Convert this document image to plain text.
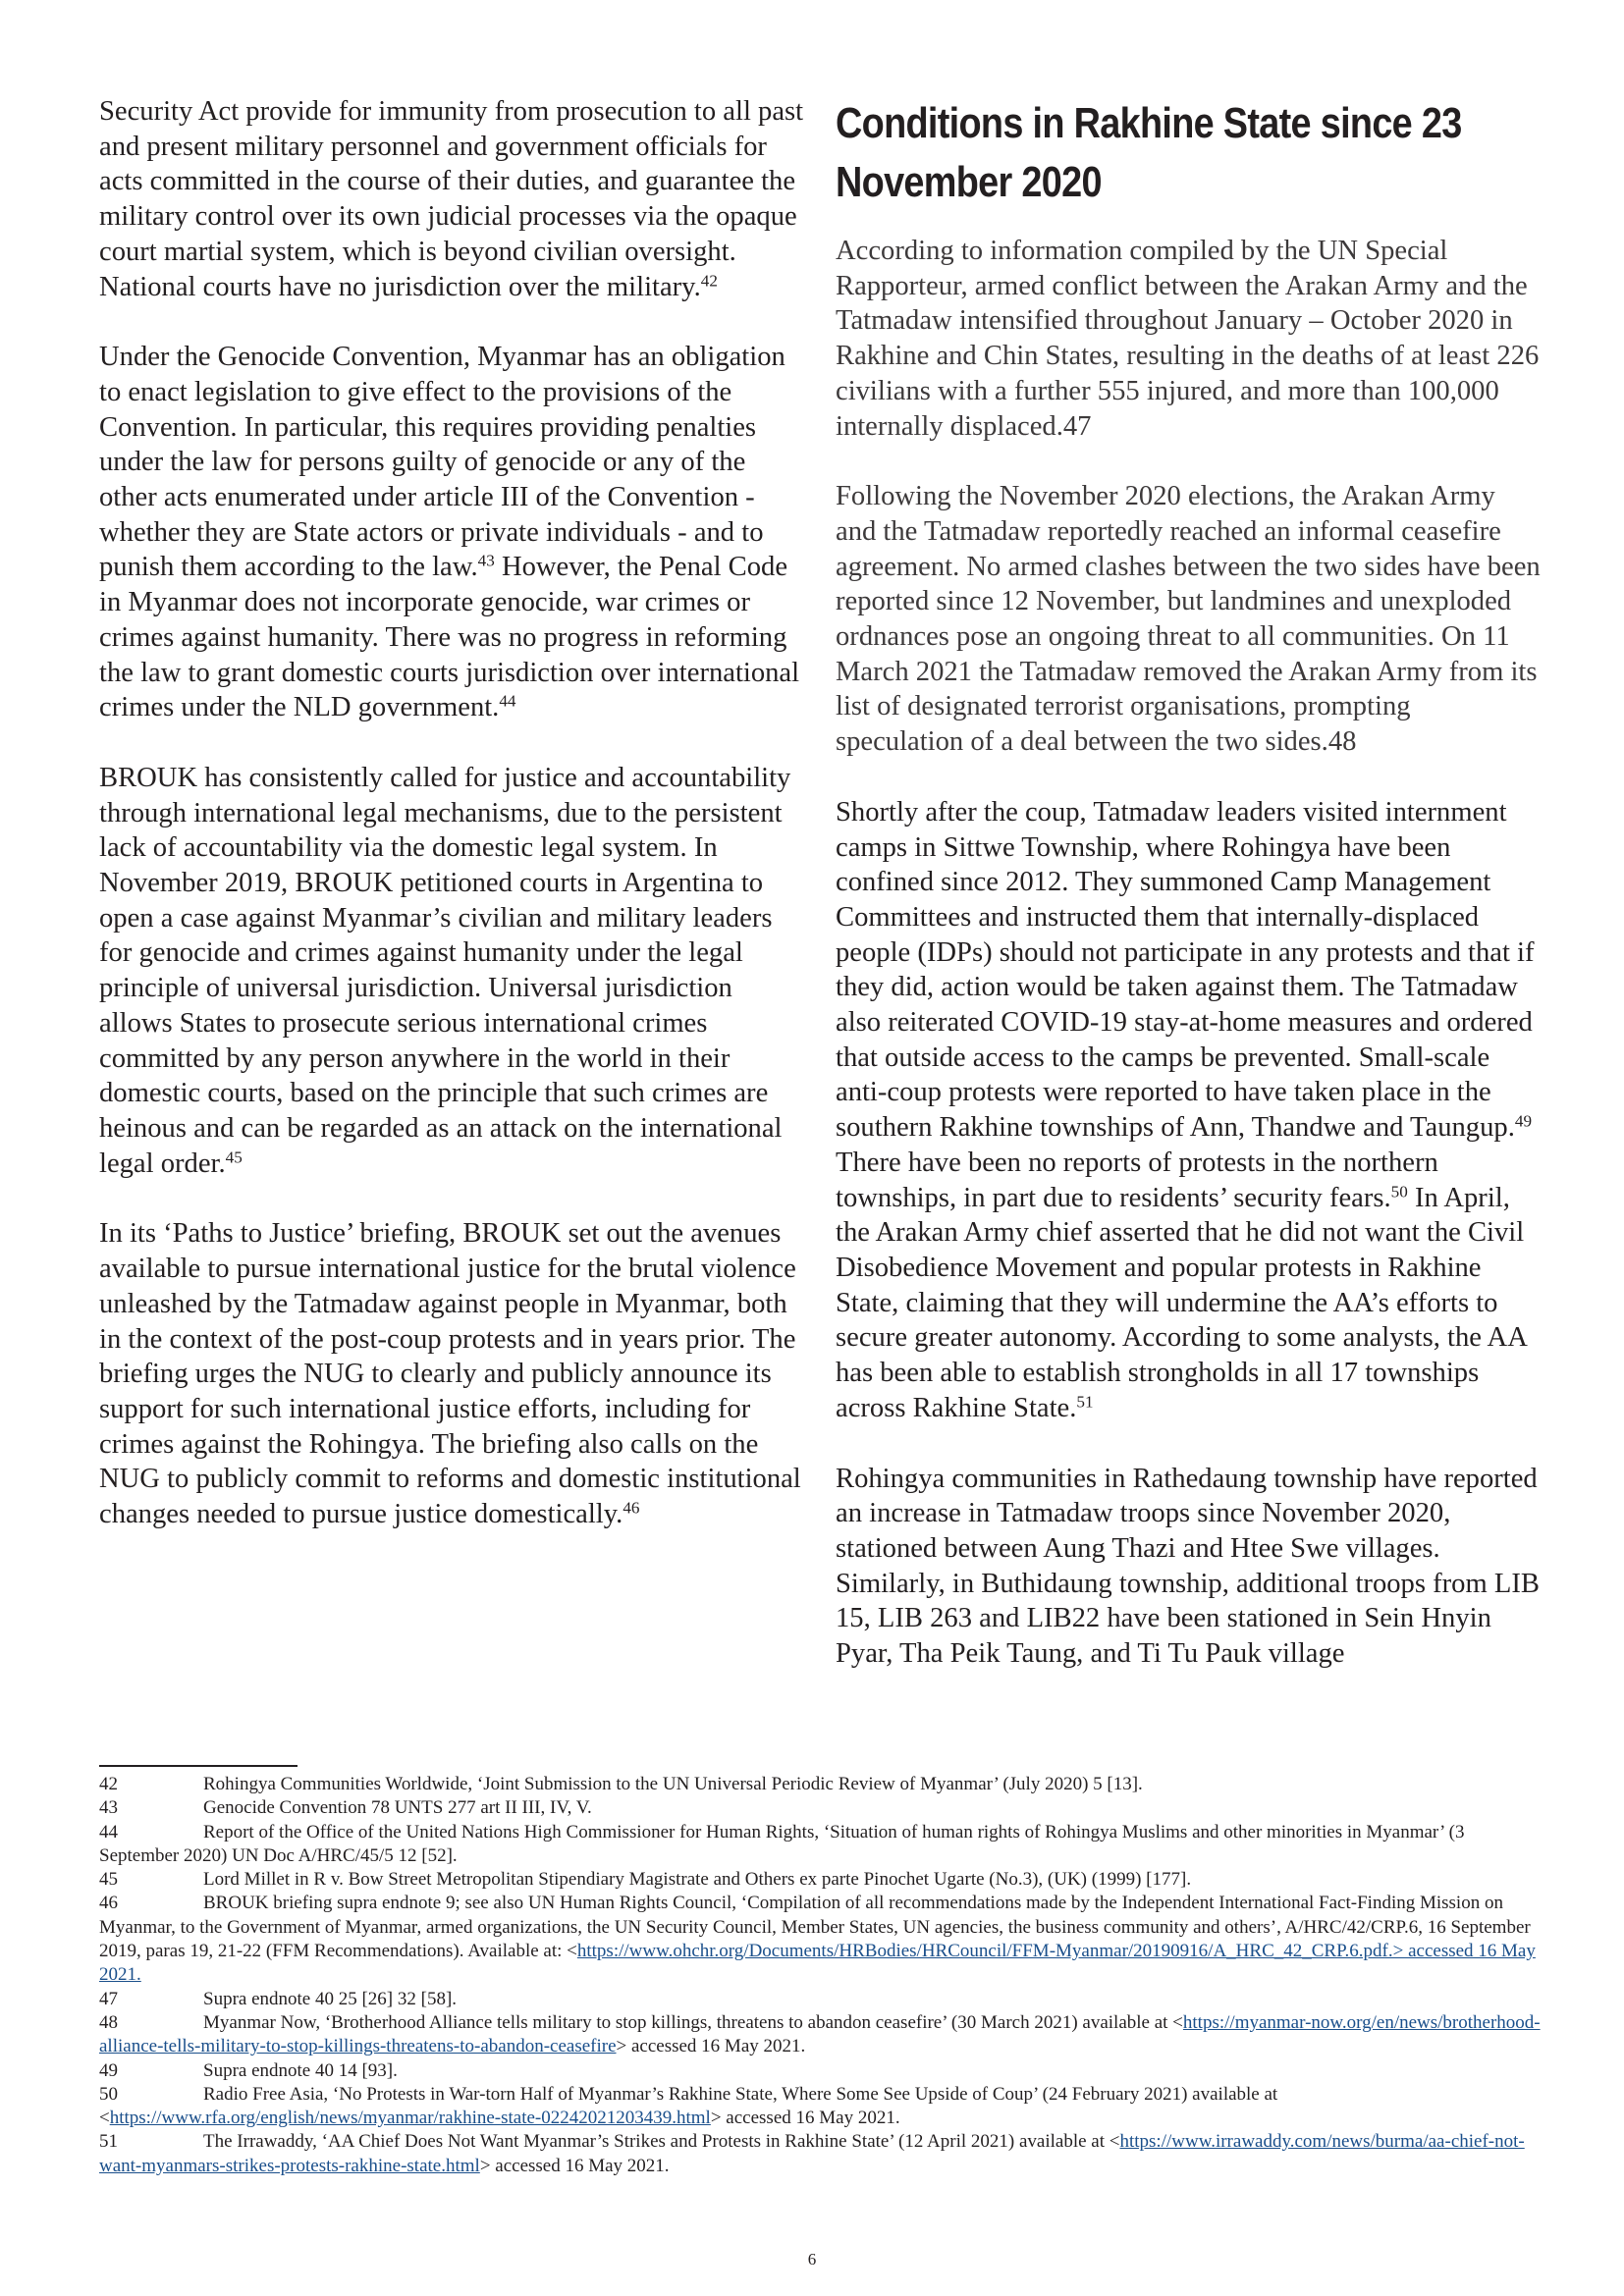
Security Act provide for immunity from prosecution to all past and present military personnel and government officials for acts committed in the course of their duties, and guarantee the military control over its own judicial processes via the opaque court martial system, which is beyond civilian oversight. National courts have no jurisdiction over the military.$^{42}$
Under the Genocide Convention, Myanmar has an obligation to enact legislation to give effect to the provisions of the Convention. In particular, this requires providing penalties under the law for persons guilty of genocide or any of the other acts enumerated under article III of the Convention - whether they are State actors or private individuals - and to punish them according to the law.$^{43}$ However, the Penal Code in Myanmar does not incorporate genocide, war crimes or crimes against humanity. There was no progress in reforming the law to grant domestic courts jurisdiction over international crimes under the NLD government.$^{44}$
BROUK has consistently called for justice and accountability through international legal mechanisms, due to the persistent lack of accountability via the domestic legal system. In November 2019, BROUK petitioned courts in Argentina to open a case against Myanmar’s civilian and military leaders for genocide and crimes against humanity under the legal principle of universal jurisdiction. Universal jurisdiction allows States to prosecute serious international crimes committed by any person anywhere in the world in their domestic courts, based on the principle that such crimes are heinous and can be regarded as an attack on the international legal order.$^{45}$
In its ‘Paths to Justice’ briefing, BROUK set out the avenues available to pursue international justice for the brutal violence unleashed by the Tatmadaw against people in Myanmar, both in the context of the post-coup protests and in years prior. The briefing urges the NUG to clearly and publicly announce its support for such international justice efforts, including for crimes against the Rohingya. The briefing also calls on the NUG to publicly commit to reforms and domestic institutional changes needed to pursue justice domestically.$^{46}$
Conditions in Rakhine State since 23 November 2020
According to information compiled by the UN Special Rapporteur, armed conflict between the Arakan Army and the Tatmadaw intensified throughout January – October 2020 in Rakhine and Chin States, resulting in the deaths of at least 226 civilians with a further 555 injured, and more than 100,000 internally displaced.47
Following the November 2020 elections, the Arakan Army and the Tatmadaw reportedly reached an informal ceasefire agreement. No armed clashes between the two sides have been reported since 12 November, but landmines and unexploded ordnances pose an ongoing threat to all communities. On 11 March 2021 the Tatmadaw removed the Arakan Army from its list of designated terrorist organisations, prompting speculation of a deal between the two sides.48
Shortly after the coup, Tatmadaw leaders visited internment camps in Sittwe Township, where Rohingya have been confined since 2012. They summoned Camp Management Committees and instructed them that internally-displaced people (IDPs) should not participate in any protests and that if they did, action would be taken against them. The Tatmadaw also reiterated COVID-19 stay-at-home measures and ordered that outside access to the camps be prevented. Small-scale anti-coup protests were reported to have taken place in the southern Rakhine townships of Ann, Thandwe and Taungup.$^{49}$ There have been no reports of protests in the northern townships, in part due to residents’ security fears.$^{50}$ In April, the Arakan Army chief asserted that he did not want the Civil Disobedience Movement and popular protests in Rakhine State, claiming that they will undermine the AA’s efforts to secure greater autonomy. According to some analysts, the AA has been able to establish strongholds in all 17 townships across Rakhine State.$^{51}$
Rohingya communities in Rathedaung township have reported an increase in Tatmadaw troops since November 2020, stationed between Aung Thazi and Htee Swe villages. Similarly, in Buthidaung township, additional troops from LIB 15, LIB 263 and LIB22 have been stationed in Sein Hnyin Pyar, Tha Peik Taung, and Ti Tu Pauk village

42	Rohingya Communities Worldwide, ‘Joint Submission to the UN Universal Periodic Review of Myanmar’ (July 2020) 5 [13].

43	Genocide Convention 78 UNTS 277 art II III, IV, V.

44	Report of the Office of the United Nations High Commissioner for Human Rights, ‘Situation of human rights of Rohingya Muslims and other minorities in Myanmar’ (3 September 2020) UN Doc A/HRC/45/5 12 [52].

45	Lord Millet in R v. Bow Street Metropolitan Stipendiary Magistrate and Others ex parte Pinochet Ugarte (No.3), (UK) (1999) [177].

46	BROUK briefing supra endnote 9; see also UN Human Rights Council, ‘Compilation of all recommendations made by the Independent International Fact-Finding Mission on Myanmar, to the Government of Myanmar, armed organizations, the UN Security Council, Member States, UN agencies, the business community and others’, A/HRC/42/CRP.6, 16 September 2019, paras 19, 21-22 (FFM Recommendations). Available at: <https://www.ohchr.org/Documents/HRBodies/HRCouncil/FFM-Myanmar/20190916/A_HRC_42_CRP.6.pdf.> accessed 16 May 2021.

47	Supra endnote 40 25 [26] 32 [58].

48	Myanmar Now, ‘Brotherhood Alliance tells military to stop killings, threatens to abandon ceasefire’ (30 March 2021) available at <https://myanmar-now.org/en/news/brotherhood-alliance-tells-military-to-stop-killings-threatens-to-abandon-ceasefire> accessed 16 May 2021.

49	Supra endnote 40 14 [93].

50	Radio Free Asia, ‘No Protests in War-torn Half of Myanmar’s Rakhine State, Where Some See Upside of Coup’ (24 February 2021) available at <https://www.rfa.org/english/news/myanmar/rakhine-state-02242021203439.html> accessed 16 May 2021.

51	The Irrawaddy, ‘AA Chief Does Not Want Myanmar’s Strikes and Protests in Rakhine State’ (12 April 2021) available at <https://www.irrawaddy.com/news/burma/aa-chief-not-want-myanmars-strikes-protests-rakhine-state.html> accessed 16 May 2021.

6
